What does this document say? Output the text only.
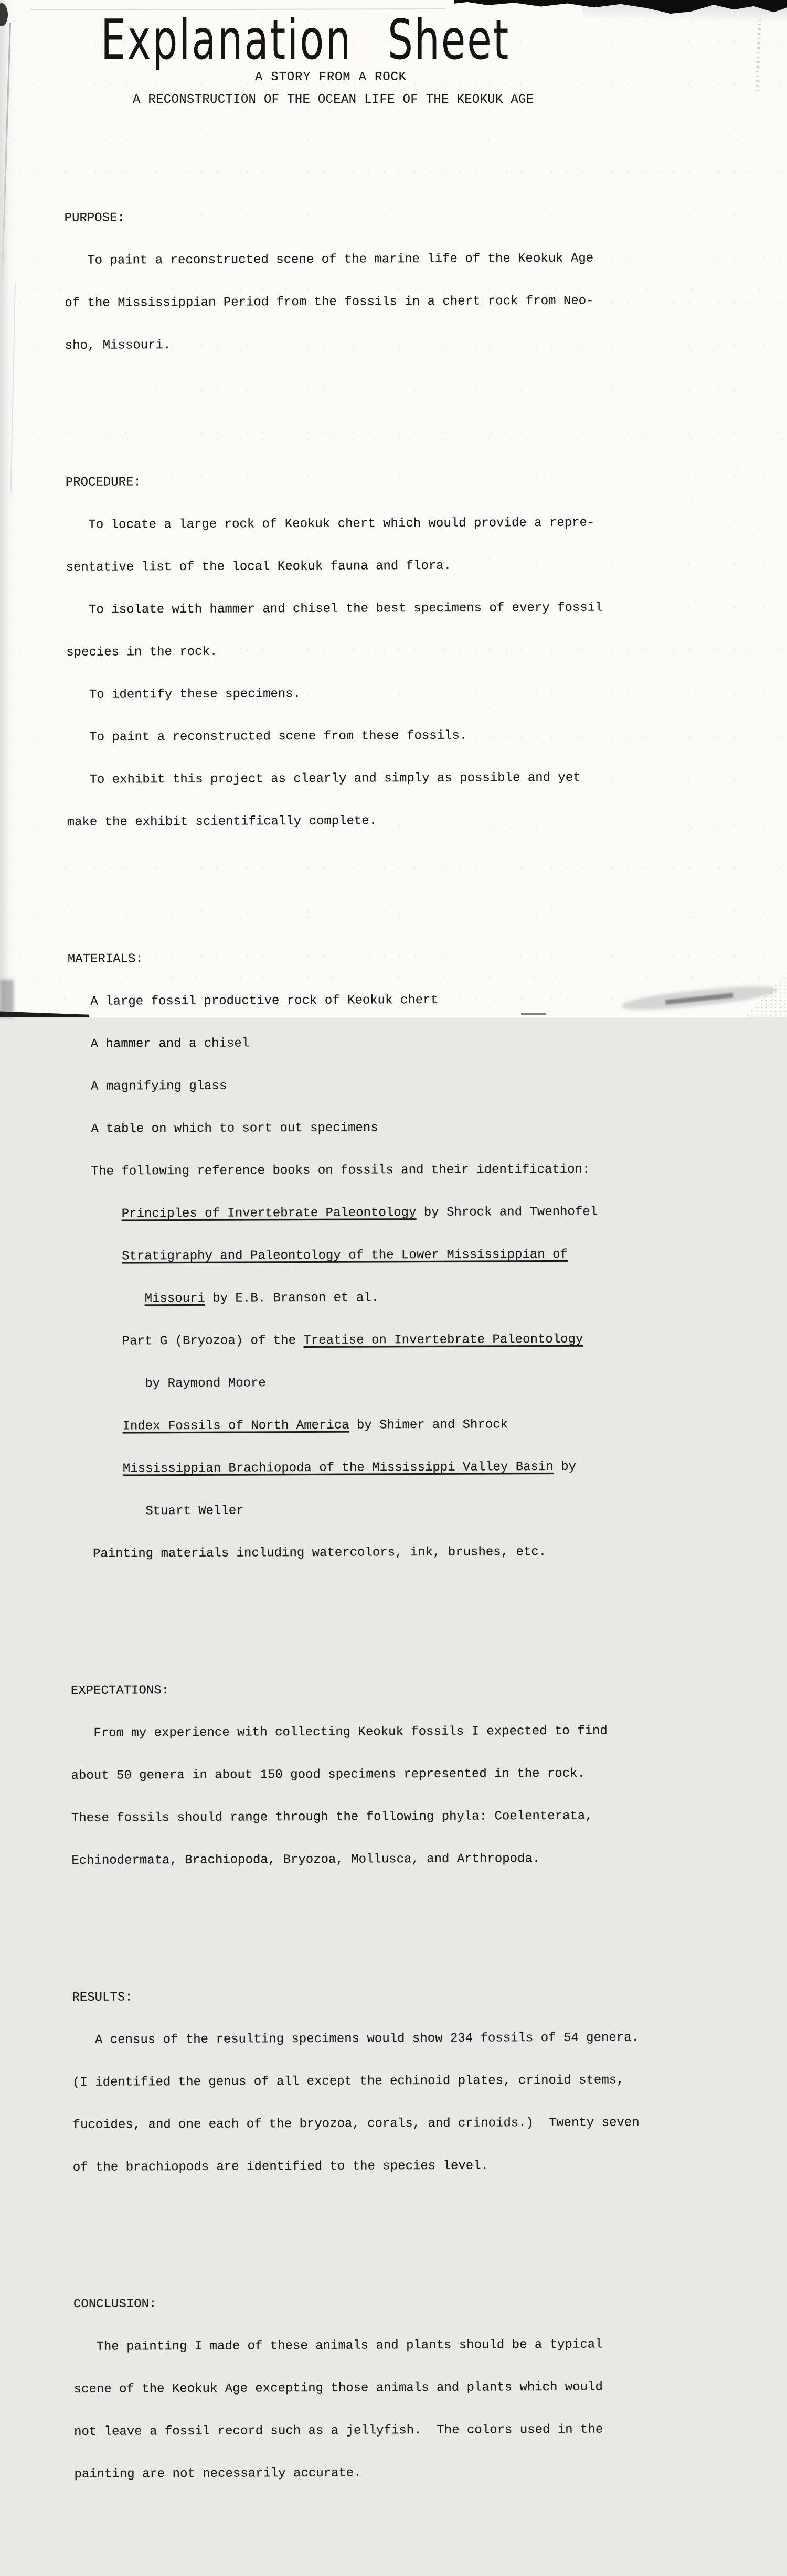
Explanation Sheet
A STORY FROM A ROCK
A RECONSTRUCTION OF THE OCEAN LIFE OF THE KEOKUK AGE

PURPOSE:

To paint a reconstructed scene of the marine life of the Keokuk Age

of the Mississippian Period from the fossils in a chert rock from Neo-

sho, Missouri.

PROCEDURE:

To locate a large rock of Keokuk chert which would provide a repre-

sentative list of the local Keokuk fauna and flora.

To isolate with hammer and chisel the best specimens of every fossil

species in the rock.

To identify these specimens.

To paint a reconstructed scene from these fossils.

To exhibit this project as clearly and simply as possible and yet

make the exhibit scientifically complete.

MATERIALS:

A large fossil productive rock of Keokuk chert

A hammer and a chisel

A magnifying glass

A table on which to sort out specimens

The following reference books on fossils and their identification:

Principles of Invertebrate Paleontology by Shrock and Twenhofel

Stratigraphy and Paleontology of the Lower Mississippian of

Missouri by E.B. Branson et al.

Part G (Bryozoa) of the Treatise on Invertebrate Paleontology

by Raymond Moore

Index Fossils of North America by Shimer and Shrock

Mississippian Brachiopoda of the Mississippi Valley Basin by

Stuart Weller

Painting materials including watercolors, ink, brushes, etc.

EXPECTATIONS:

From my experience with collecting Keokuk fossils I expected to find

about 50 genera in about 150 good specimens represented in the rock.

These fossils should range through the following phyla: Coelenterata,

Echinodermata, Brachiopoda, Bryozoa, Mollusca, and Arthropoda.

RESULTS:

A census of the resulting specimens would show 234 fossils of 54 genera.

(I identified the genus of all except the echinoid plates, crinoid stems,

fucoides, and one each of the bryozoa, corals, and crinoids.)  Twenty seven

of the brachiopods are identified to the species level.

CONCLUSION:

The painting I made of these animals and plants should be a typical

scene of the Keokuk Age excepting those animals and plants which would

not leave a fossil record such as a jellyfish.  The colors used in the

painting are not necessarily accurate.
